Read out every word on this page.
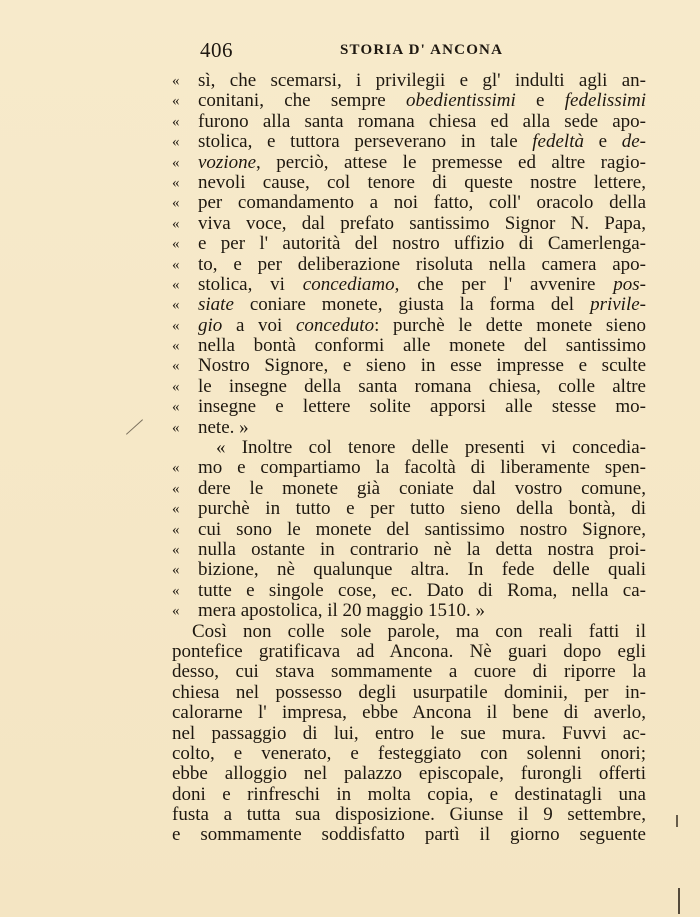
406	STORIA D' ANCONA
« sì, che scemarsi, i privilegii e gl' indulti agli an-
« conitani, che sempre obedientissimi e fedelissimi
« furono alla santa romana chiesa ed alla sede apo-
« stolica, e tuttora perseverano in tale fedeltà e de-
« vozione, perciò, attese le premesse ed altre ragio-
« nevoli cause, col tenore di queste nostre lettere,
« per comandamento a noi fatto, coll' oracolo della
« viva voce, dal prefato santissimo Signor N. Papa,
« e per l' autorità del nostro uffizio di Camerlenga-
« to, e per deliberazione risoluta nella camera apo-
« stolica, vi concediamo, che per l' avvenire pos-
« siate coniare monete, giusta la forma del privile-
« gio a voi conceduto: purchè le dette monete sieno
« nella bontà conformi alle monete del santissimo
« Nostro Signore, e sieno in esse impresse e sculte
« le insegne della santa romana chiesa, colle altre
« insegne e lettere solite apporsi alle stesse mo-
« nete. »
« Inoltre col tenore delle presenti vi concedia-
« mo e compartiamo la facoltà di liberamente spen-
« dere le monete già coniate dal vostro comune,
« purchè in tutto e per tutto sieno della bontà, di
« cui sono le monete del santissimo nostro Signore,
« nulla ostante in contrario nè la detta nostra proi-
« bizione, nè qualunque altra. In fede delle quali
« tutte e singole cose, ec. Dato di Roma, nella ca-
« mera apostolica, il 20 maggio 1510. »
Così non colle sole parole, ma con reali fatti il
pontefice gratificava ad Ancona. Nè guari dopo egli
desso, cui stava sommamente a cuore di riporre la
chiesa nel possesso degli usurpatile dominii, per in-
calorarne l' impresa, ebbe Ancona il bene di averlo,
nel passaggio di lui, entro le sue mura. Fuvvi ac-
colto, e venerato, e festeggiato con solenni onori;
ebbe alloggio nel palazzo episcopale, furongli offerti
doni e rinfreschi in molta copia, e destinatagli una
fusta a tutta sua disposizione. Giunse il 9 settembre,
e sommamente soddisfatto partì il giorno seguente
